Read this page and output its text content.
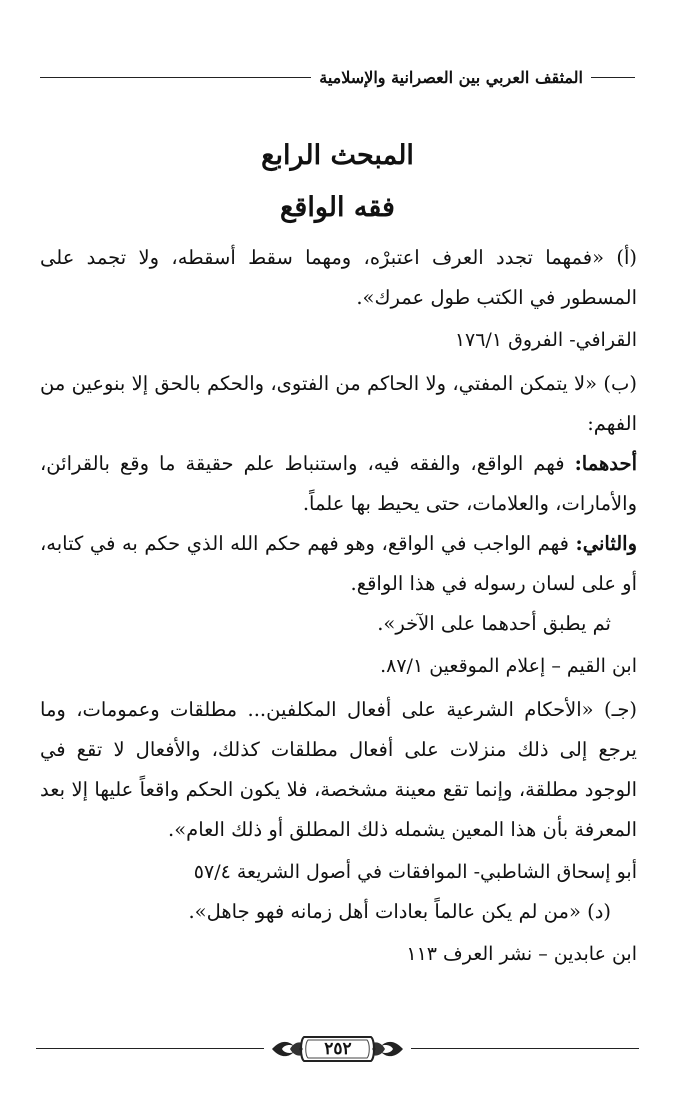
المثقف العربي بين العصرانية والإسلامية
المبحث الرابع
فقه الواقع

(أ) «فمهما تجدد العرف اعتبرْه، ومهما سقط أسقطه، ولا تجمد على المسطور في الكتب طول عمرك».

القرافي- الفروق ١٧٦/١

(ب) «لا يتمكن المفتي، ولا الحاكم من الفتوى، والحكم بالحق إلا بنوعين من الفهم:

أحدهما: فهم الواقع، والفقه فيه، واستنباط علم حقيقة ما وقع بالقرائن، والأمارات، والعلامات، حتى يحيط بها علماً.

والثاني: فهم الواجب في الواقع، وهو فهم حكم الله الذي حكم به في كتابه، أو على لسان رسوله في هذا الواقع.

ثم يطبق أحدهما على الآخر».

ابن القيم – إعلام الموقعين ٨٧/١.

(جـ) «الأحكام الشرعية على أفعال المكلفين... مطلقات وعمومات، وما يرجع إلى ذلك منزلات على أفعال مطلقات كذلك، والأفعال لا تقع في الوجود مطلقة، وإنما تقع معينة مشخصة، فلا يكون الحكم واقعاً عليها إلا بعد المعرفة بأن هذا المعين يشمله ذلك المطلق أو ذلك العام».

أبو إسحاق الشاطبي- الموافقات في أصول الشريعة ٥٧/٤

(د) «من لم يكن عالماً بعادات أهل زمانه فهو جاهل».

ابن عابدين – نشر العرف ١١٣

٢٥٢
